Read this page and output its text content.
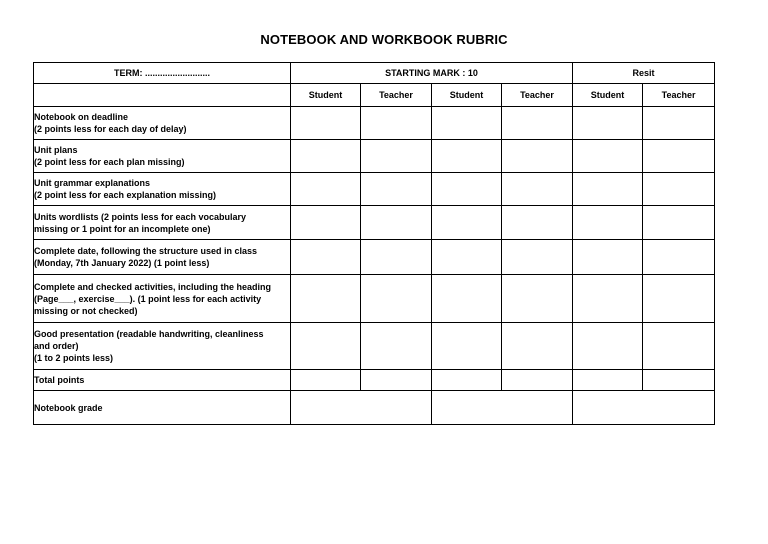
NOTEBOOK AND WORKBOOK RUBRIC
TERM: ..........................	STARTING MARK : 10				Resit	
	Student	Teacher	Student	Teacher	Student	Teacher

Notebook on deadline
(2 points less for each day of delay)						

Unit plans
(2 point less for each plan missing)						

Unit grammar explanations
(2 point less for each explanation missing)						

Units wordlists (2 points less for each vocabulary
missing or 1 point for an incomplete one)						

Complete date, following the structure used in class
(Monday, 7th January 2022) (1 point less)						

Complete and checked activities, including the heading
(Page___, exercise___). (1 point less for each activity
missing or not checked)						

Good presentation (readable handwriting, cleanliness
and order)
(1 to 2 points less)						

Total points						
Notebook grade						
